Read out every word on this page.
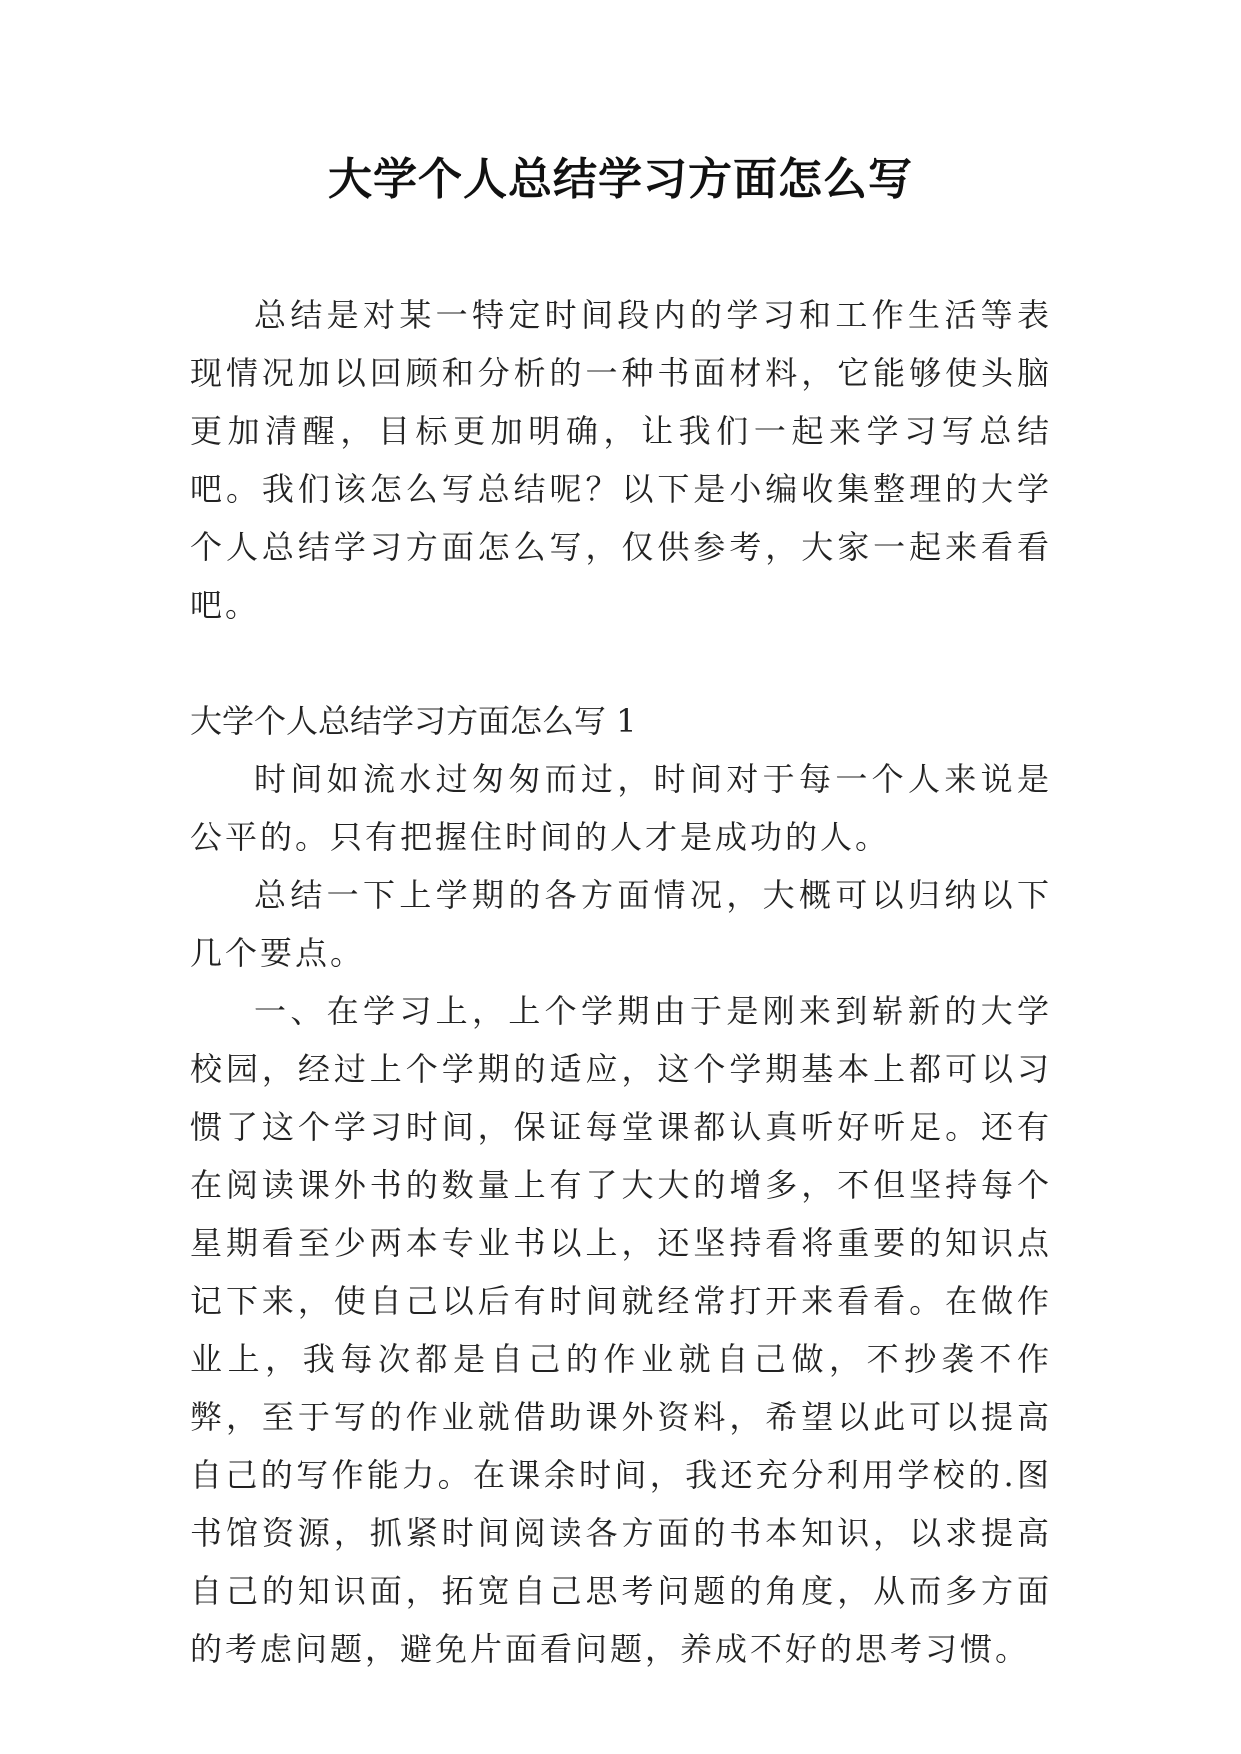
大学个人总结学习方面怎么写

总结是对某一特定时间段内的学习和工作生活等表现情况加以回顾和分析的一种书面材料，它能够使头脑更加清醒，目标更加明确，让我们一起来学习写总结吧。我们该怎么写总结呢？以下是小编收集整理的大学个人总结学习方面怎么写，仅供参考，大家一起来看看吧。

大学个人总结学习方面怎么写 1

时间如流水过匆匆而过，时间对于每一个人来说是公平的。只有把握住时间的人才是成功的人。

总结一下上学期的各方面情况，大概可以归纳以下几个要点。

一、在学习上，上个学期由于是刚来到崭新的大学校园，经过上个学期的适应，这个学期基本上都可以习惯了这个学习时间，保证每堂课都认真听好听足。还有在阅读课外书的数量上有了大大的增多，不但坚持每个星期看至少两本专业书以上，还坚持看将重要的知识点记下来，使自己以后有时间就经常打开来看看。在做作业上，我每次都是自己的作业就自己做，不抄袭不作弊，至于写的作业就借助课外资料，希望以此可以提高自己的写作能力。在课余时间，我还充分利用学校的.图书馆资源，抓紧时间阅读各方面的书本知识，以求提高自己的知识面，拓宽自己思考问题的角度，从而多方面的考虑问题，避免片面看问题，养成不好的思考习惯。
